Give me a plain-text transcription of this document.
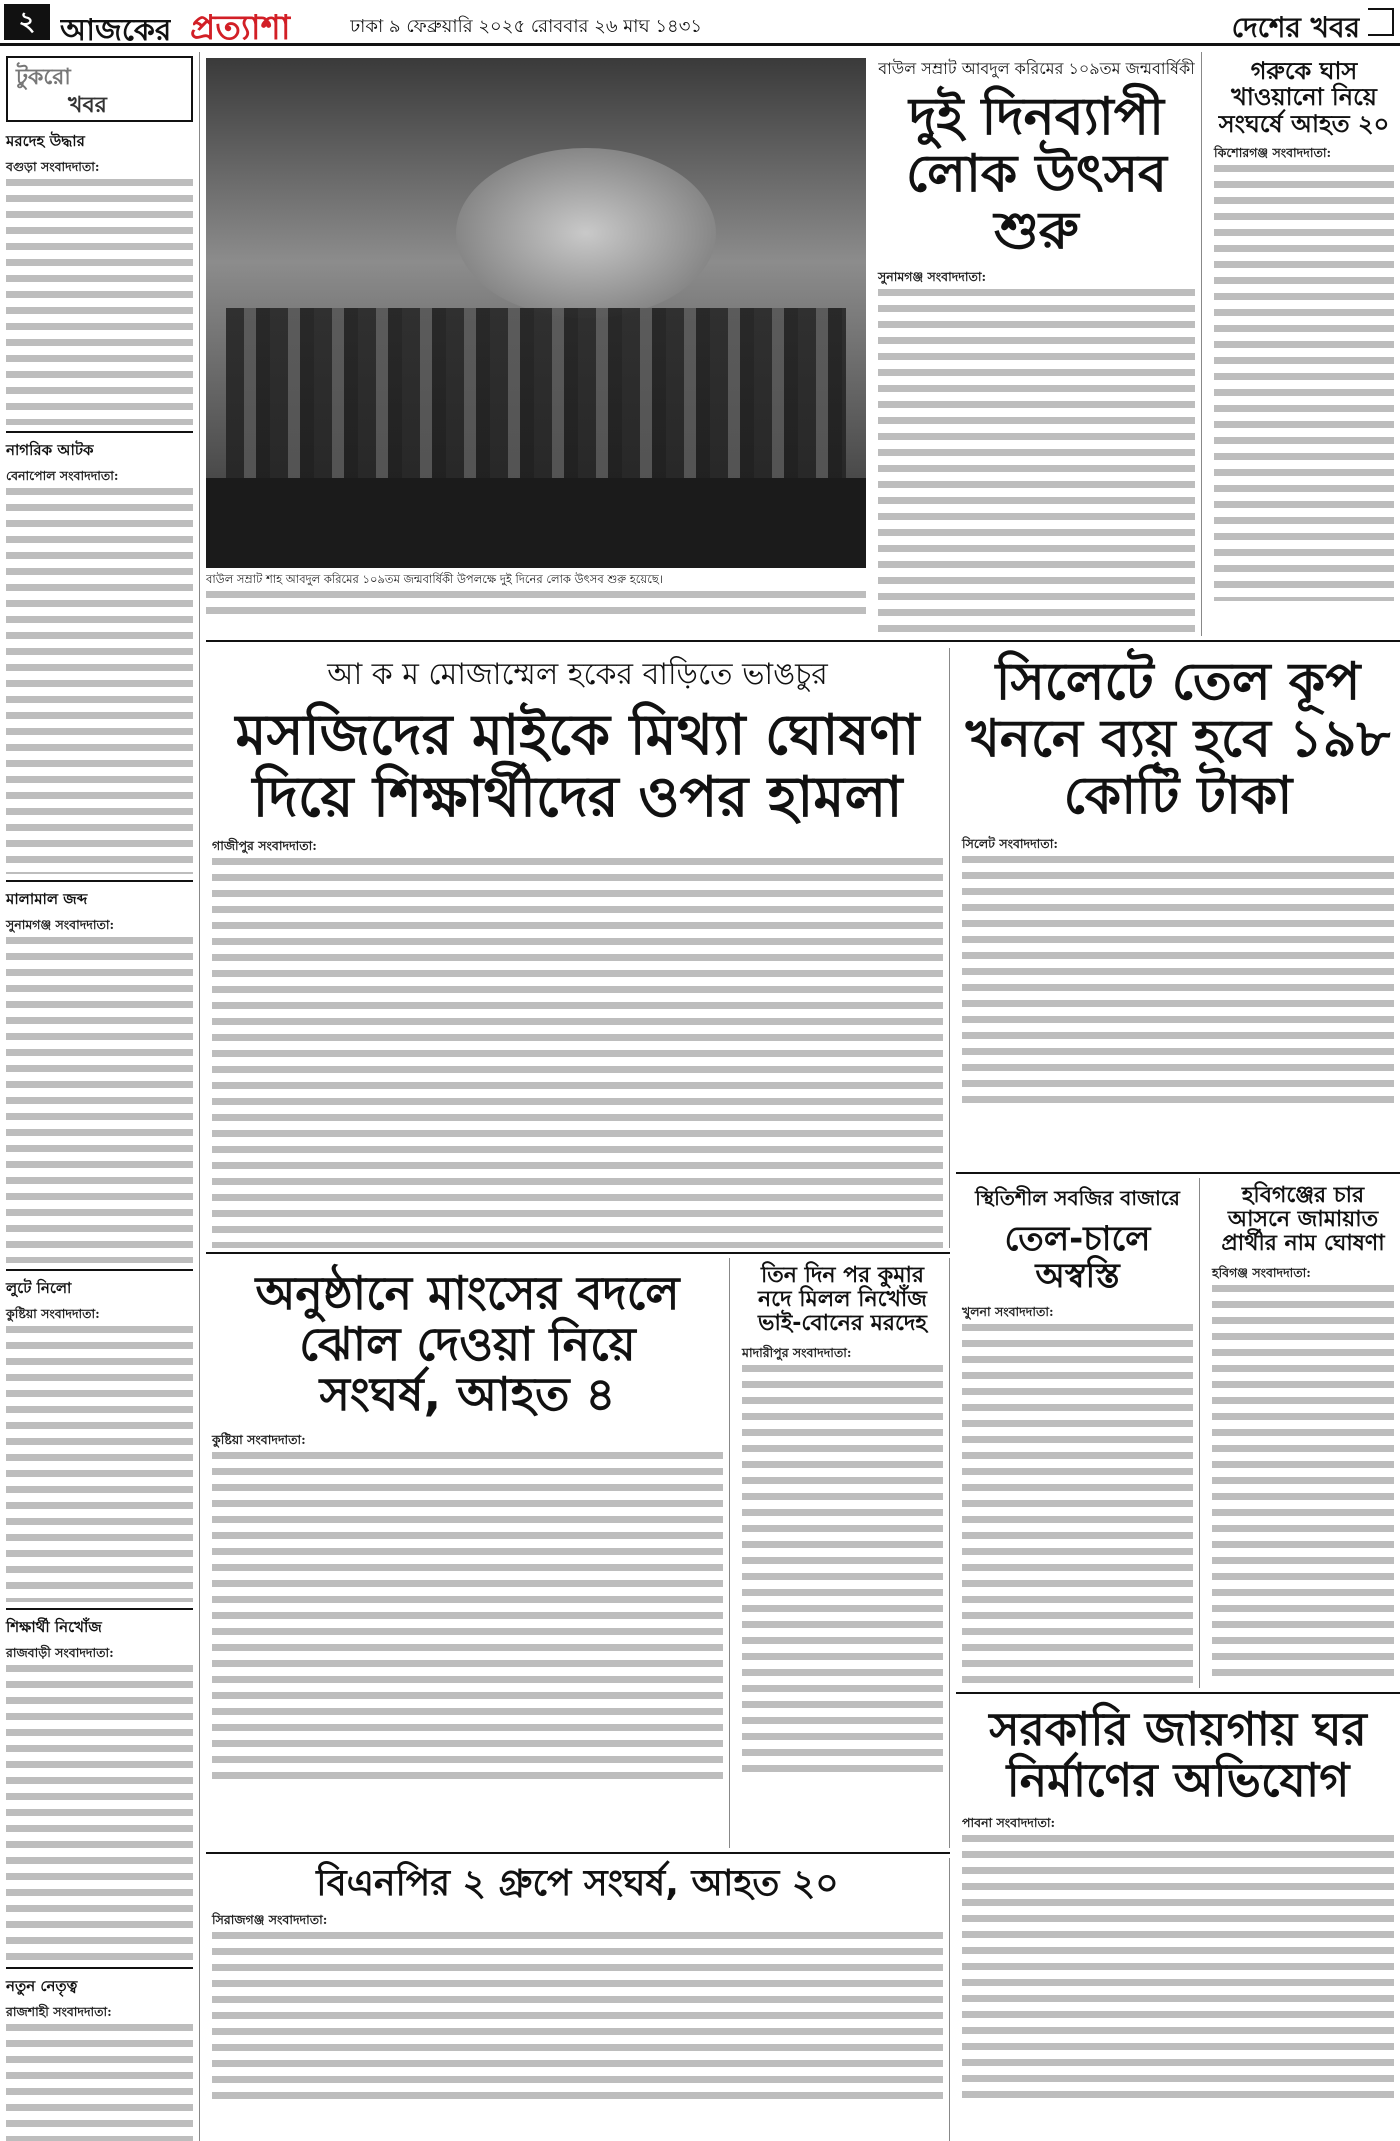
২ আজকের প্রত্যাশা	ঢাকা ৯ ফেব্রুয়ারি ২০২৫ রোববার ২৬ মাঘ ১৪৩১	দেশের খবর
টুকরো
খবর
মরদেহ উদ্ধার
বগুড়া সংবাদদাতা:
নাগরিক আটক
বেনাপোল সংবাদদাতা:
মালামাল জব্দ
সুনামগঞ্জ সংবাদদাতা:
লুটে নিলো
কুষ্টিয়া সংবাদদাতা:
শিক্ষার্থী নিখোঁজ
রাজবাড়ী সংবাদদাতা:
নতুন নেতৃত্ব
রাজশাহী সংবাদদাতা:
বাউল সম্রাট শাহ আবদুল করিমের ১০৯তম জন্মবার্ষিকী উপলক্ষে দুই দিনের লোক উৎসব শুরু হয়েছে।
বাউল সম্রাট আবদুল করিমের ১০৯তম জন্মবার্ষিকী
দুই দিনব্যাপী
লোক উৎসব শুরু
সুনামগঞ্জ সংবাদদাতা:
গরুকে ঘাস খাওয়ানো নিয়ে সংঘর্ষে আহত ২০
কিশোরগঞ্জ সংবাদদাতা:
আ ক ম মোজাম্মেল হকের বাড়িতে ভাঙচুর
মসজিদের মাইকে মিথ্যা ঘোষণা
দিয়ে শিক্ষার্থীদের ওপর হামলা
গাজীপুর সংবাদদাতা:
সিলেটে তেল কূপ
খননে ব্যয় হবে ১৯৮
কোটি টাকা
সিলেট সংবাদদাতা:
স্থিতিশীল সবজির বাজারে
তেল-চালে অস্বস্তি
খুলনা সংবাদদাতা:
হবিগঞ্জের চার আসনে জামায়াত প্রার্থীর নাম ঘোষণা
হবিগঞ্জ সংবাদদাতা:
অনুষ্ঠানে মাংসের বদলে
ঝোল দেওয়া নিয়ে
সংঘর্ষ, আহত ৪
কুষ্টিয়া সংবাদদাতা:
তিন দিন পর কুমার নদে মিলল নিখোঁজ ভাই-বোনের মরদেহ
মাদারীপুর সংবাদদাতা:
সরকারি জায়গায় ঘর
নির্মাণের অভিযোগ
পাবনা সংবাদদাতা:
বিএনপির ২ গ্রুপে সংঘর্ষ, আহত ২০
সিরাজগঞ্জ সংবাদদাতা:
